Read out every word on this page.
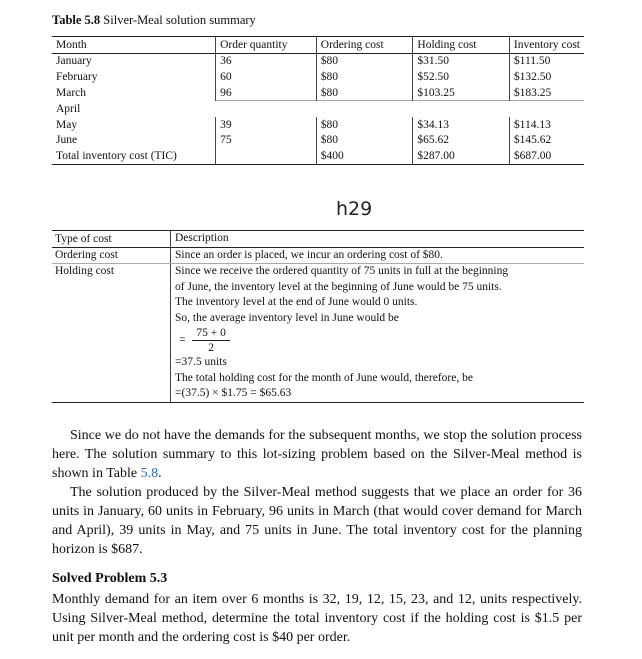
Table 5.8 Silver-Meal solution summary
Month	Order quantity	Ordering cost	Holding cost	Inventory cost
January	36	$80	$31.50	$111.50
February	60	$80	$52.50	$132.50
March	96	$80	$103.25	$183.25
April				
May	39	$80	$34.13	$114.13
June	75	$80	$65.62	$145.62
Total inventory cost (TIC)		$400	$287.00	$687.00
h29
Type of cost	Description
Ordering cost	Since an order is placed, we incur an ordering cost of $80.
Holding cost	Since we receive the ordered quantity of 75 units in full at the beginning
of June, the inventory level at the beginning of June would be 75 units.
The inventory level at the end of June would 0 units.
So, the average inventory level in June would be
= $\frac{75 + 0}{2}$
=37.5 units
The total holding cost for the month of June would, therefore, be
=(37.5) × $1.75 = $65.63

Since we do not have the demands for the subsequent months, we stop the solution process here. The solution summary to this lot-sizing problem based on the Silver-Meal method is shown in Table 5.8.

The solution produced by the Silver-Meal method suggests that we place an order for 36 units in January, 60 units in February, 96 units in March (that would cover demand for March and April), 39 units in May, and 75 units in June. The total inventory cost for the planning horizon is $687.

Solved Problem 5.3
Monthly demand for an item over 6 months is 32, 19, 12, 15, 23, and 12, units respectively. Using Silver-Meal method, determine the total inventory cost if the holding cost is $1.5 per unit per month and the ordering cost is $40 per order.
